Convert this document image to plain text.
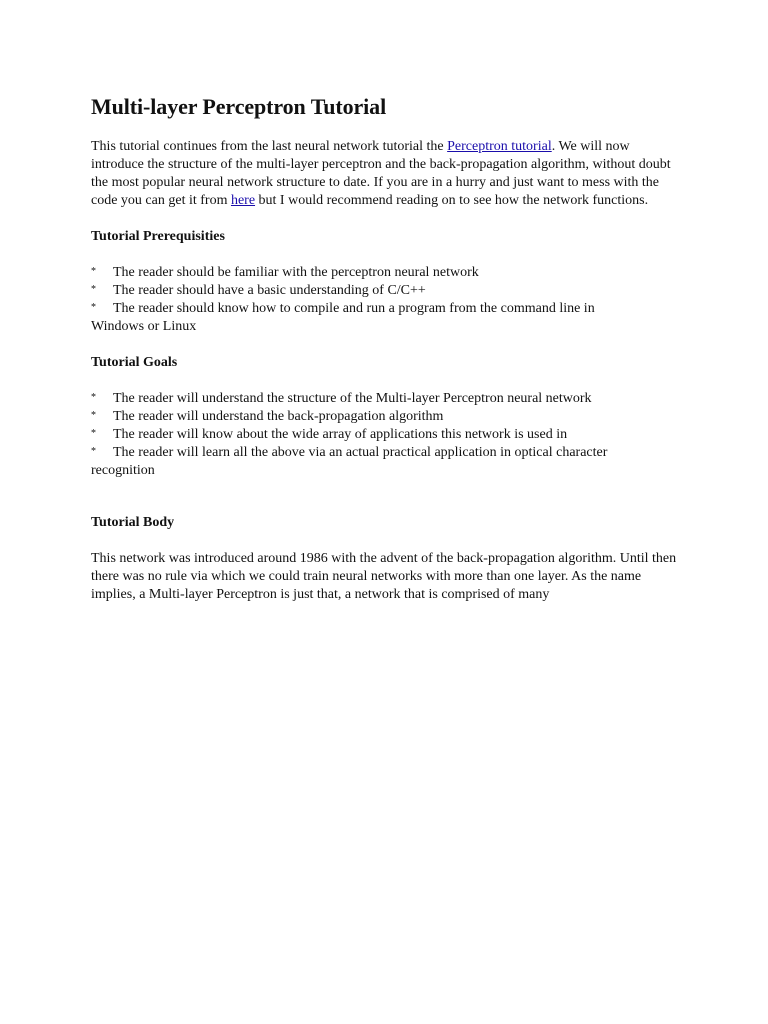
Multi-layer Perceptron Tutorial

This tutorial continues from the last neural network tutorial the Perceptron tutorial. We will now introduce the structure of the multi-layer perceptron and the back-propagation algorithm, without doubt the most popular neural network structure to date. If you are in a hurry and just want to mess with the code you can get it from here but I would recommend reading on to see how the network functions.

Tutorial Prerequisities
* The reader should be familiar with the perceptron neural network
* The reader should have a basic understanding of C/C++
* The reader should know how to compile and run a program from the command line in Windows or Linux
Tutorial Goals
* The reader will understand the structure of the Multi-layer Perceptron neural network
* The reader will understand the back-propagation algorithm
* The reader will know about the wide array of applications this network is used in
* The reader will learn all the above via an actual practical application in optical character recognition
Tutorial Body

This network was introduced around 1986 with the advent of the back-propagation algorithm. Until then there was no rule via which we could train neural networks with more than one layer. As the name implies, a Multi-layer Perceptron is just that, a network that is comprised of many
